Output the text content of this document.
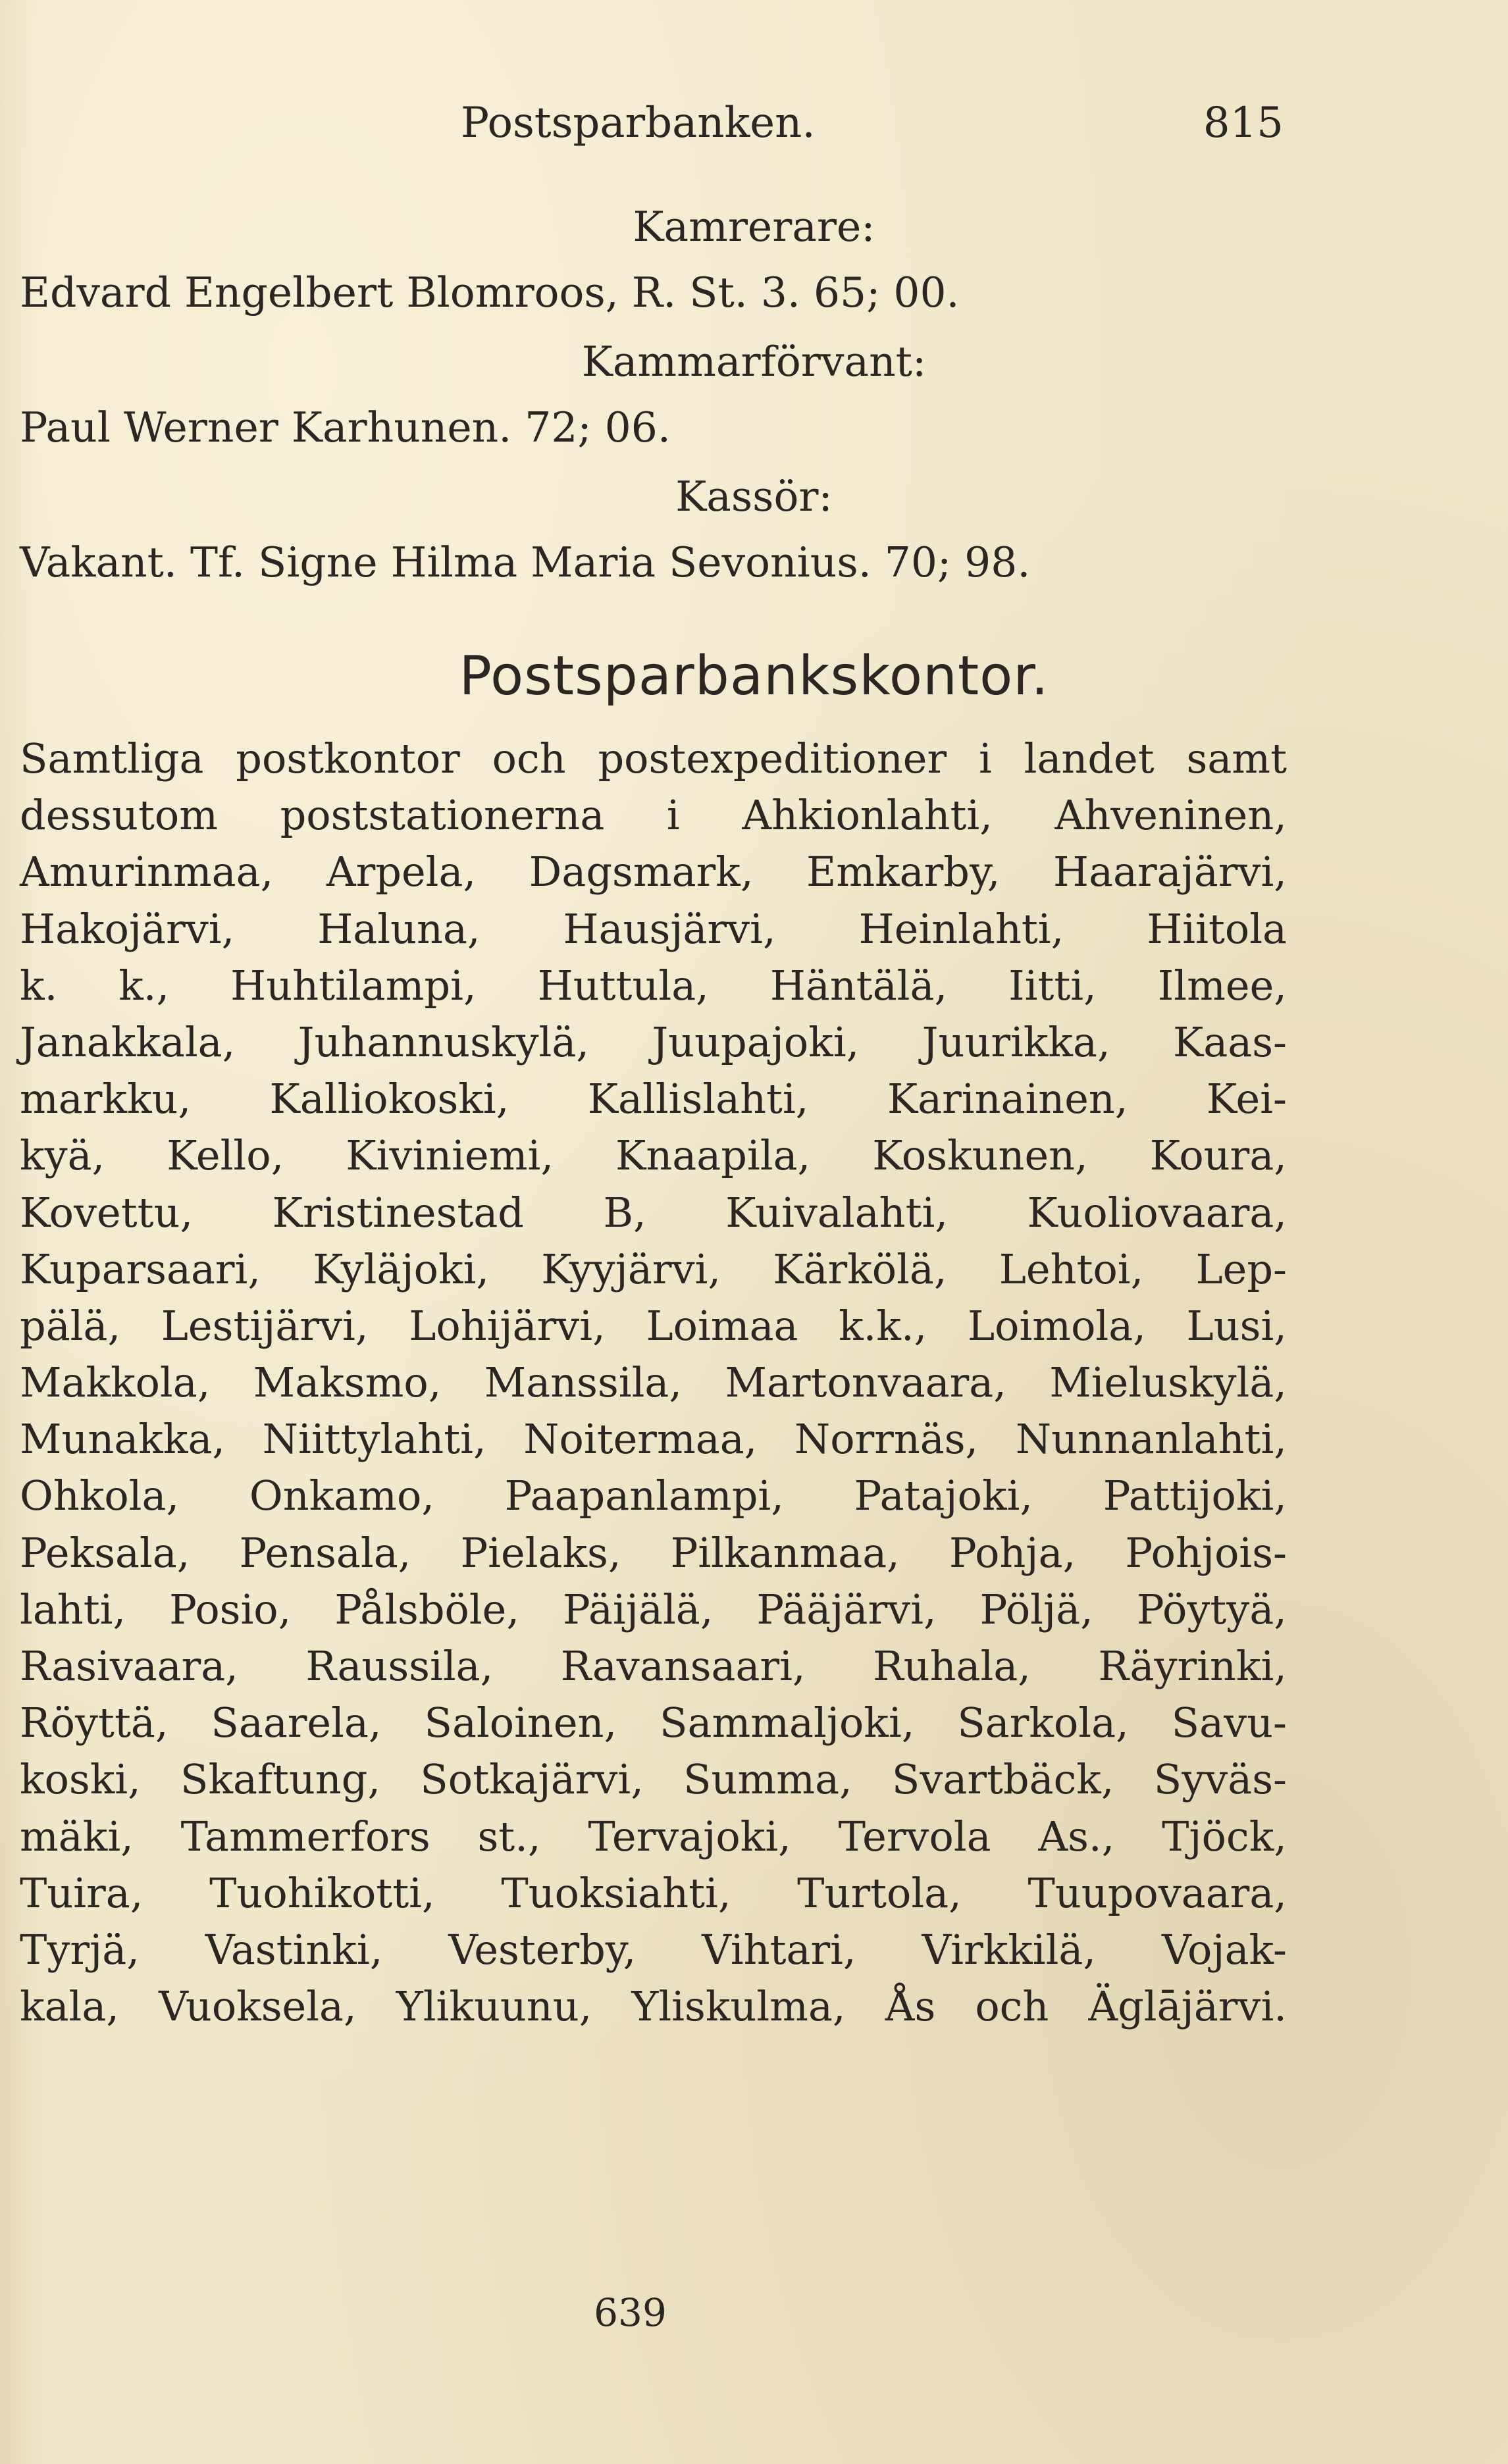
Postsparbanken.	815
Kamrerare:
Edvard Engelbert Blomroos, R. St. 3. 65; 00.
Kammarförvant:
Paul Werner Karhunen. 72; 06.
Kassör:
Vakant. Tf. Signe Hilma Maria Sevonius. 70; 98.
Postsparbankskontor.
Samtliga postkontor och postexpeditioner i landet samt
dessutom poststationerna i Ahkionlahti, Ahveninen,
Amurinmaa, Arpela, Dagsmark, Emkarby, Haarajärvi,
Hakojärvi, Haluna, Hausjärvi, Heinlahti, Hiitola
k. k., Huhtilampi, Huttula, Häntälä, Iitti, Ilmee,
Janakkala, Juhannuskylä, Juupajoki, Juurikka, Kaas-
markku, Kalliokoski, Kallislahti, Karinainen, Kei-
kyä, Kello, Kiviniemi, Knaapila, Koskunen, Koura,
Kovettu, Kristinestad B, Kuivalahti, Kuoliovaara,
Kuparsaari, Kyläjoki, Kyyjärvi, Kärkölä, Lehtoi, Lep-
pälä, Lestijärvi, Lohijärvi, Loimaa k.k., Loimola, Lusi,
Makkola, Maksmo, Manssila, Martonvaara, Mieluskylä,
Munakka, Niittylahti, Noitermaa, Norrnäs, Nunnanlahti,
Ohkola, Onkamo, Paapanlampi, Patajoki, Pattijoki,
Peksala, Pensala, Pielaks, Pilkanmaa, Pohja, Pohjois-
lahti, Posio, Pålsböle, Päijälä, Pääjärvi, Pöljä, Pöytyä,
Rasivaara, Raussila, Ravansaari, Ruhala, Räyrinki,
Röyttä, Saarela, Saloinen, Sammaljoki, Sarkola, Savu-
koski, Skaftung, Sotkajärvi, Summa, Svartbäck, Syväs-
mäki, Tammerfors st., Tervajoki, Tervola As., Tjöck,
Tuira, Tuohikotti, Tuoksiahti, Turtola, Tuupovaara,
Tyrjä, Vastinki, Vesterby, Vihtari, Virkkilä, Vojak-
kala, Vuoksela, Ylikuunu, Yliskulma, Ås och Äglājärvi.
639
